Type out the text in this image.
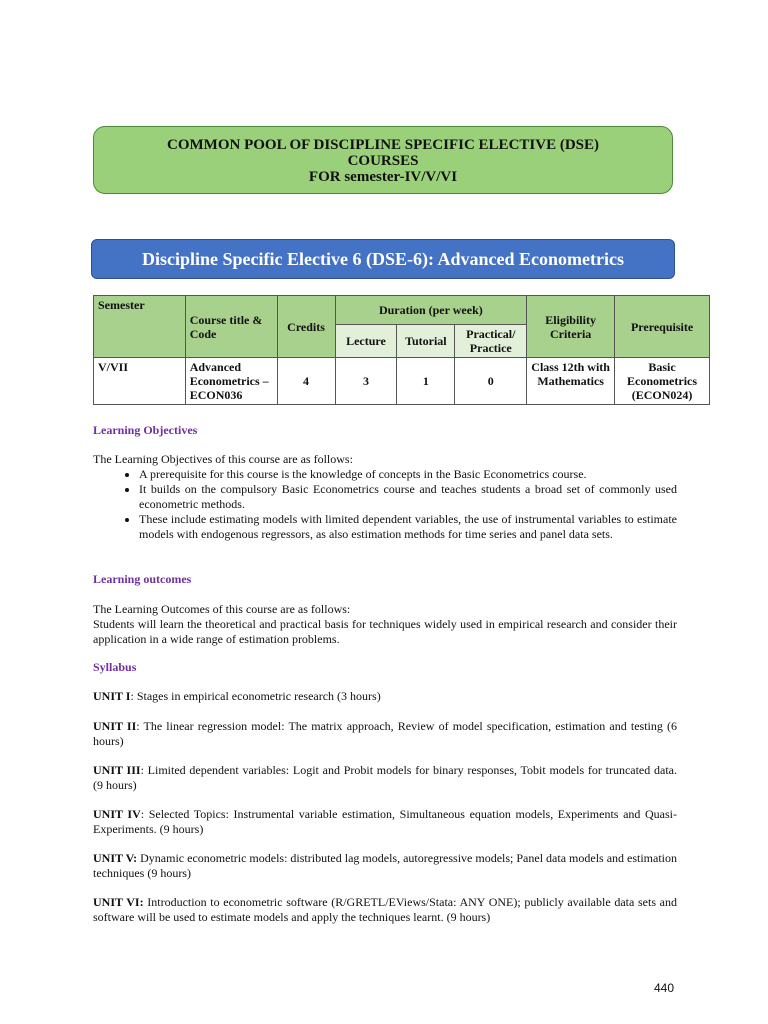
COMMON POOL OF DISCIPLINE SPECIFIC ELECTIVE (DSE)
COURSES
FOR semester-IV/V/VI
Discipline Specific Elective 6 (DSE-6): Advanced Econometrics
Semester	Course title & Code	Credits	Duration (per week)			Eligibility Criteria	Prerequisite
			Lecture	Tutorial	Practical/ Practice		
V/VII	Advanced Econometrics – ECON036	4	3	1	0	Class 12th with Mathematics	Basic Econometrics (ECON024)
Learning Objectives

The Learning Objectives of this course are as follows:

• A prerequisite for this course is the knowledge of concepts in the Basic Econometrics course.
• It builds on the compulsory Basic Econometrics course and teaches students a broad set of commonly used econometric methods.
• These include estimating models with limited dependent variables, the use of instrumental variables to estimate models with endogenous regressors, as also estimation methods for time series and panel data sets.
Learning outcomes

The Learning Outcomes of this course are as follows:

Students will learn the theoretical and practical basis for techniques widely used in empirical research and consider their application in a wide range of estimation problems.

Syllabus
UNIT I: Stages in empirical econometric research (3 hours)
UNIT II: The linear regression model: The matrix approach, Review of model specification, estimation and testing (6 hours)
UNIT III: Limited dependent variables: Logit and Probit models for binary responses, Tobit models for truncated data. (9 hours)
UNIT IV: Selected Topics: Instrumental variable estimation, Simultaneous equation models, Experiments and Quasi-Experiments. (9 hours)
UNIT V: Dynamic econometric models: distributed lag models, autoregressive models; Panel data models and estimation techniques (9 hours)
UNIT VI: Introduction to econometric software (R/GRETL/EViews/Stata: ANY ONE); publicly available data sets and software will be used to estimate models and apply the techniques learnt. (9 hours)
440
